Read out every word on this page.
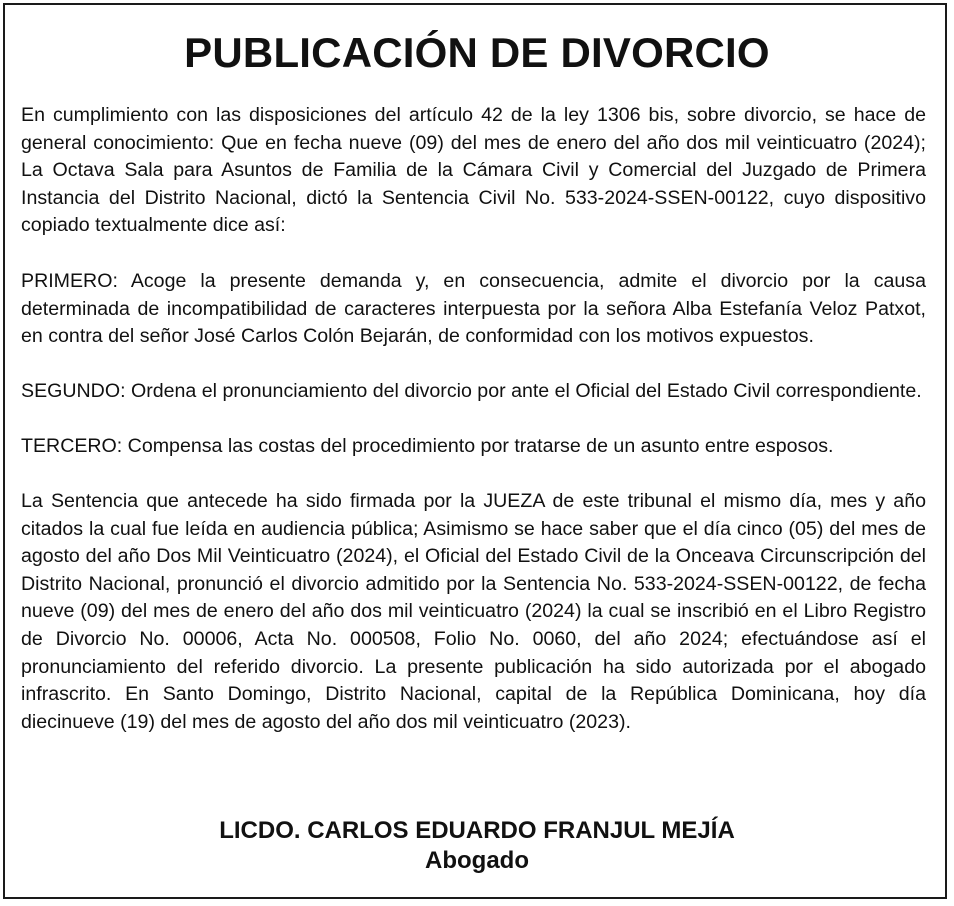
PUBLICACIÓN DE DIVORCIO

En cumplimiento con las disposiciones del artículo 42 de la ley 1306 bis, sobre divorcio, se hace de general conocimiento: Que en fecha nueve (09) del mes de enero del año dos mil veinticuatro (2024); La Octava Sala para Asuntos de Familia de la Cámara Civil y Comercial del Juzgado de Primera Instancia del Distrito Nacional, dictó la Sentencia Civil No. 533-2024-SSEN-00122, cuyo dispositivo copiado textualmente dice así:

PRIMERO: Acoge la presente demanda y, en consecuencia, admite el divorcio por la causa determinada de incompatibilidad de caracteres interpuesta por la señora Alba Estefanía Veloz Patxot, en contra del señor José Carlos Colón Bejarán, de conformidad con los motivos expuestos.

SEGUNDO: Ordena el pronunciamiento del divorcio por ante el Oficial del Estado Civil correspondiente.

TERCERO: Compensa las costas del procedimiento por tratarse de un asunto entre esposos.

La Sentencia que antecede ha sido firmada por la JUEZA de este tribunal el mismo día, mes y año citados la cual fue leída en audiencia pública; Asimismo se hace saber que el día cinco (05) del mes de agosto del año Dos Mil Veinticuatro (2024), el Oficial del Estado Civil de la Onceava Circunscripción del Distrito Nacional, pronunció el divorcio admitido por la Sentencia No. 533-2024-SSEN-00122, de fecha nueve (09) del mes de enero del año dos mil veinticuatro (2024) la cual se inscribió en el Libro Registro de Divorcio No. 00006, Acta No. 000508, Folio No. 0060, del año 2024; efectuándose así el pronunciamiento del referido divorcio. La presente publicación ha sido autorizada por el abogado infrascrito. En Santo Domingo, Distrito Nacional, capital de la República Dominicana, hoy día diecinueve (19) del mes de agosto del año dos mil veinticuatro (2023).

LICDO. CARLOS EDUARDO FRANJUL MEJÍA

Abogado
